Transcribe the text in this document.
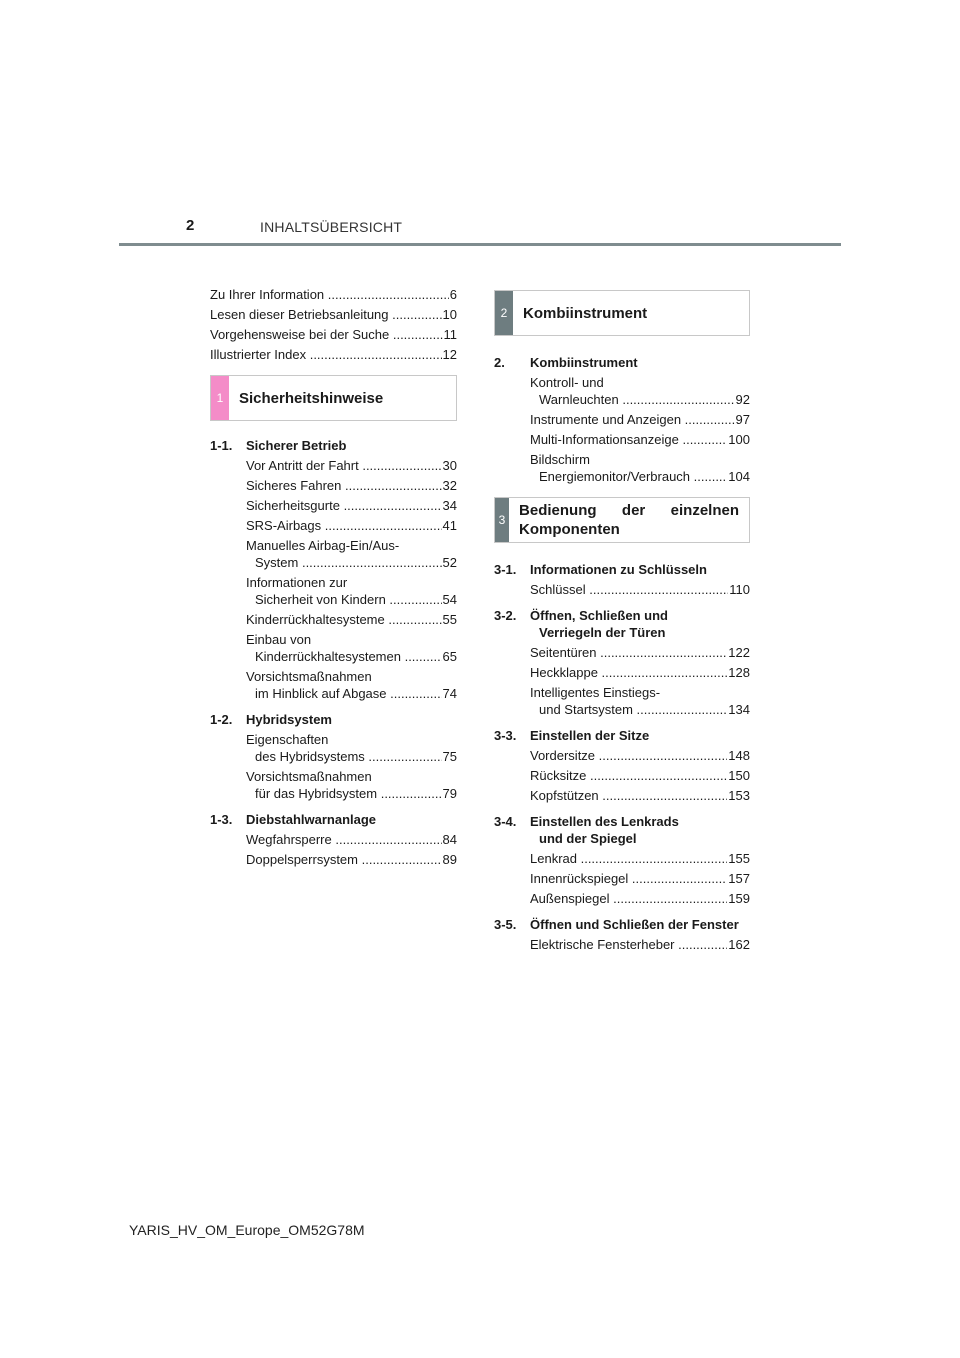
2	INHALTSÜBERSICHT
Zu Ihrer Information .....	6
Lesen dieser Betriebsanleitung .....	10
Vorgehensweise bei der Suche .....	11
Illustrierter Index .....	12
1	Sicherheitshinweise
1-1. Sicherer Betrieb
Vor Antritt der Fahrt .....	30
Sicheres Fahren .....	32
Sicherheitsgurte .....	34
SRS-Airbags .....	41
Manuelles Airbag-Ein/Aus-
System .....	52
Informationen zur
Sicherheit von Kindern .....	54
Kinderrückhaltesysteme .....	55
Einbau von
Kinderrückhaltesystemen .....	65
Vorsichtsmaßnahmen
im Hinblick auf Abgase .....	74
1-2. Hybridsystem
Eigenschaften
des Hybridsystems .....	75
Vorsichtsmaßnahmen
für das Hybridsystem .....	79
1-3. Diebstahlwarnanlage
Wegfahrsperre .....	84
Doppelsperrsystem .....	89
2	Kombiinstrument
2. Kombiinstrument
Kontroll- und
Warnleuchten .....	92
Instrumente und Anzeigen .....	97
Multi-Informationsanzeige .....	100
Bildschirm
Energiemonitor/Verbrauch .....	104
3
Bedienung der einzelnen Komponenten
3-1. Informationen zu Schlüsseln
Schlüssel .....	110
3-2. Öffnen, Schließen und
Verriegeln der Türen
Seitentüren .....	122
Heckklappe .....	128
Intelligentes Einstiegs-
und Startsystem .....	134
3-3. Einstellen der Sitze
Vordersitze .....	148
Rücksitze .....	150
Kopfstützen .....	153
3-4. Einstellen des Lenkrads
und der Spiegel
Lenkrad .....	155
Innenrückspiegel .....	157
Außenspiegel .....	159
3-5. Öffnen und Schließen der Fenster
Elektrische Fensterheber .....	162
YARIS_HV_OM_Europe_OM52G78M
